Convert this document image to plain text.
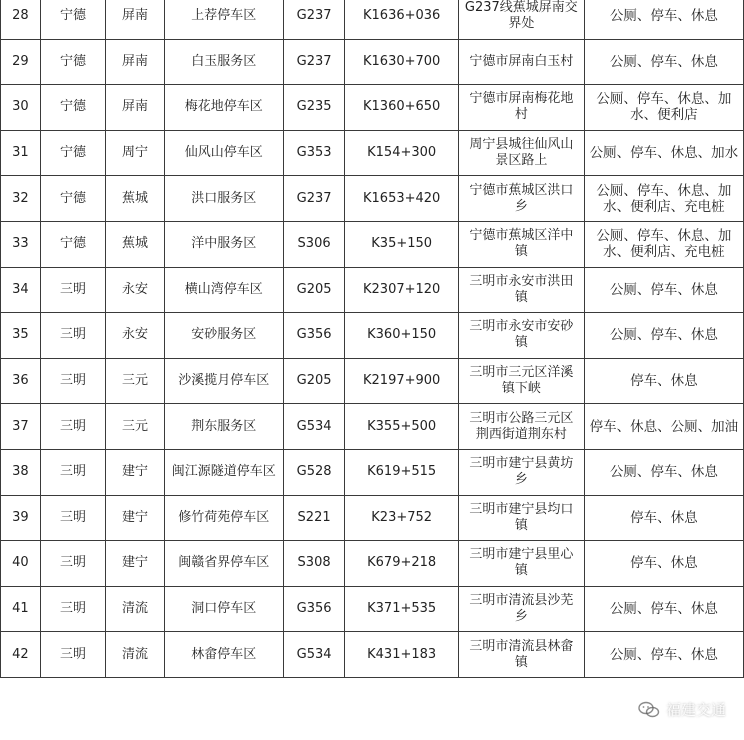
28	宁德	屏南	上荐停车区	G237	K1636+036	G237线蕉城屏南交界处	公厕、停车、休息
29	宁德	屏南	白玉服务区	G237	K1630+700	宁德市屏南白玉村	公厕、停车、休息
30	宁德	屏南	梅花地停车区	G235	K1360+650	宁德市屏南梅花地村	公厕、停车、休息、加水、便利店
31	宁德	周宁	仙风山停车区	G353	K154+300	周宁县城往仙风山景区路上	公厕、停车、休息、加水
32	宁德	蕉城	洪口服务区	G237	K1653+420	宁德市蕉城区洪口乡	公厕、停车、休息、加水、便利店、充电桩
33	宁德	蕉城	洋中服务区	S306	K35+150	宁德市蕉城区洋中镇	公厕、停车、休息、加水、便利店、充电桩
34	三明	永安	横山湾停车区	G205	K2307+120	三明市永安市洪田镇	公厕、停车、休息
35	三明	永安	安砂服务区	G356	K360+150	三明市永安市安砂镇	公厕、停车、休息
36	三明	三元	沙溪揽月停车区	G205	K2197+900	三明市三元区洋溪镇下峡	停车、休息
37	三明	三元	荆东服务区	G534	K355+500	三明市公路三元区荆西街道荆东村	停车、休息、公厕、加油
38	三明	建宁	闽江源隧道停车区	G528	K619+515	三明市建宁县黄坊乡	公厕、停车、休息
39	三明	建宁	修竹荷苑停车区	S221	K23+752	三明市建宁县均口镇	停车、休息
40	三明	建宁	闽赣省界停车区	S308	K679+218	三明市建宁县里心镇	停车、休息
41	三明	清流	洞口停车区	G356	K371+535	三明市清流县沙芜乡	公厕、停车、休息
42	三明	清流	林畲停车区	G534	K431+183	三明市清流县林畲镇	公厕、停车、休息
福建交通
